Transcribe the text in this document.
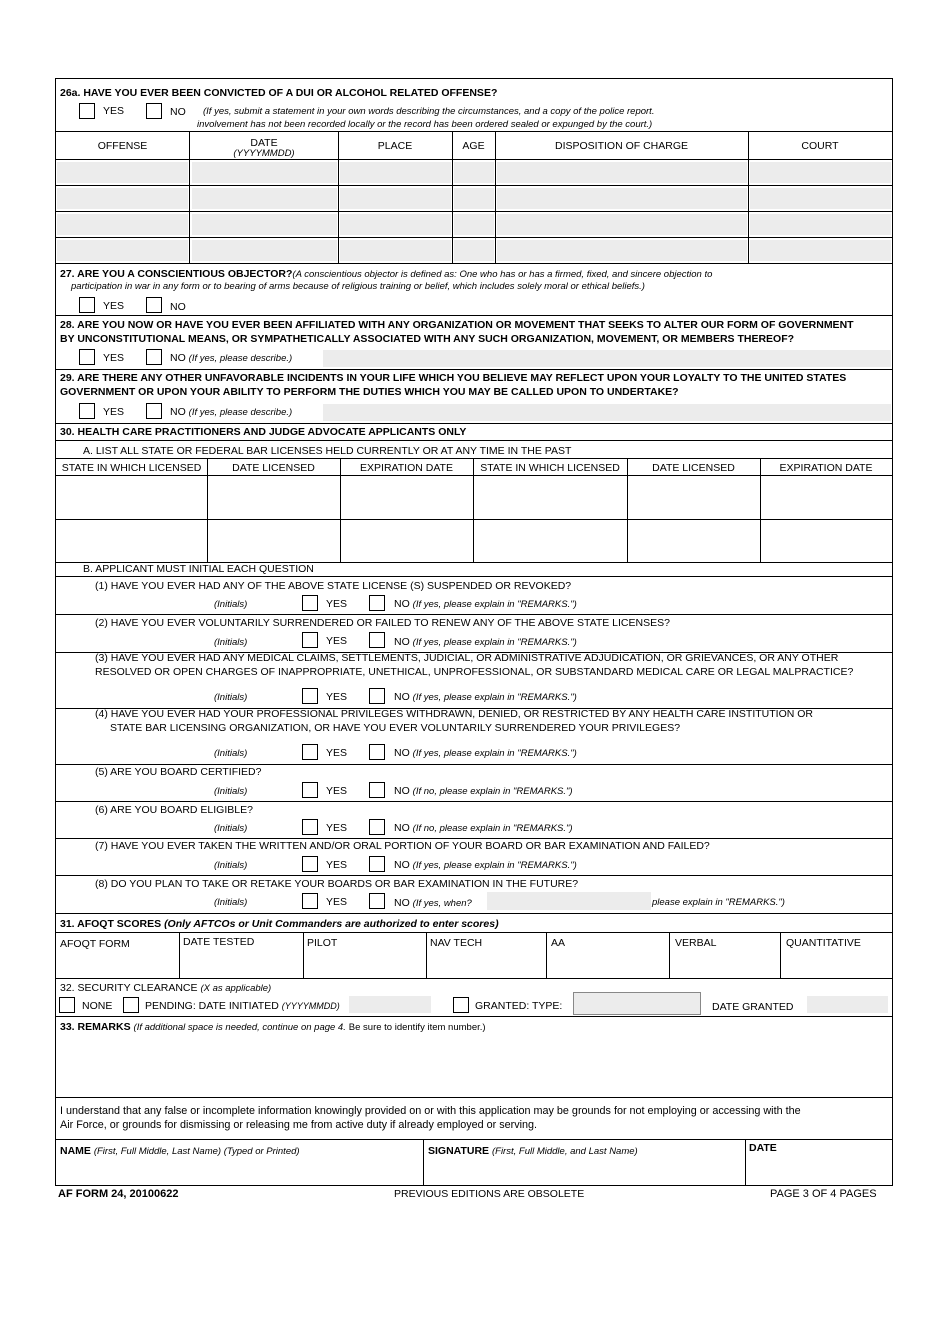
26a. HAVE YOU EVER BEEN CONVICTED OF A DUI OR ALCOHOL RELATED OFFENSE?
YES	NO (If yes, submit a statement in your own words describing the circumstances, and a copy of the police report.
involvement has not been recorded locally or the record has been ordered sealed or expunged by the court.)
OFFENSE	DATE
(YYYYMMDD)
PLACE	AGE	DISPOSITION OF CHARGE	COURT
27. ARE YOU A CONSCIENTIOUS OBJECTOR?(A conscientious objector is defined as: One who has or has a firmed, fixed, and sincere objection to
participation in war in any form or to bearing of arms because of religious training or belief, which includes solely moral or ethical beliefs.)
YES	NO
28. ARE YOU NOW OR HAVE YOU EVER BEEN AFFILIATED WITH ANY ORGANIZATION OR MOVEMENT THAT SEEKS TO ALTER OUR FORM OF GOVERNMENT
BY UNCONSTITUTIONAL MEANS, OR SYMPATHETICALLY ASSOCIATED WITH ANY SUCH ORGANIZATION, MOVEMENT, OR MEMBERS THEREOF?
YES	NO (If yes, please describe.)
29. ARE THERE ANY OTHER UNFAVORABLE INCIDENTS IN YOUR LIFE WHICH YOU BELIEVE MAY REFLECT UPON YOUR LOYALTY TO THE UNITED STATES
GOVERNMENT OR UPON YOUR ABILITY TO PERFORM THE DUTIES WHICH YOU MAY BE CALLED UPON TO UNDERTAKE?
YES	NO (If yes, please describe.)
30. HEALTH CARE PRACTITIONERS AND JUDGE ADVOCATE APPLICANTS ONLY
A. LIST ALL STATE OR FEDERAL BAR LICENSES HELD CURRENTLY OR AT ANY TIME IN THE PAST
STATE IN WHICH LICENSED	DATE LICENSED	EXPIRATION DATE	STATE IN WHICH LICENSED	DATE LICENSED	EXPIRATION DATE
B. APPLICANT MUST INITIAL EACH QUESTION
(1) HAVE YOU EVER HAD ANY OF THE ABOVE STATE LICENSE (S) SUSPENDED OR REVOKED?
(Initials)	YES	NO (If yes, please explain in "REMARKS.")
(2) HAVE YOU EVER VOLUNTARILY SURRENDERED OR FAILED TO RENEW ANY OF THE ABOVE STATE LICENSES?
(Initials)	YES	NO (If yes, please explain in "REMARKS.")
(3) HAVE YOU EVER HAD ANY MEDICAL CLAIMS, SETTLEMENTS, JUDICIAL, OR ADMINISTRATIVE ADJUDICATION, OR GRIEVANCES, OR ANY OTHER
RESOLVED OR OPEN CHARGES OF INAPPROPRIATE, UNETHICAL, UNPROFESSIONAL, OR SUBSTANDARD MEDICAL CARE OR LEGAL MALPRACTICE?
(Initials)	YES	NO (If yes, please explain in "REMARKS.")
(4) HAVE YOU EVER HAD YOUR PROFESSIONAL PRIVILEGES WITHDRAWN, DENIED, OR RESTRICTED BY ANY HEALTH CARE INSTITUTION OR
STATE BAR LICENSING ORGANIZATION, OR HAVE YOU EVER VOLUNTARILY SURRENDERED YOUR PRIVILEGES?
(Initials)	YES	NO (If yes, please explain in "REMARKS.")
(5) ARE YOU BOARD CERTIFIED?
(Initials)	YES	NO (If no, please explain in "REMARKS.")
(6) ARE YOU BOARD ELIGIBLE?
(Initials)	YES	NO (If no, please explain in "REMARKS.")
(7) HAVE YOU EVER TAKEN THE WRITTEN AND/OR ORAL PORTION OF YOUR BOARD OR BAR EXAMINATION AND FAILED?
(Initials)	YES	NO (If yes, please explain in "REMARKS.")
(8) DO YOU PLAN TO TAKE OR RETAKE YOUR BOARDS OR BAR EXAMINATION IN THE FUTURE?
(Initials)	YES	NO (If yes, when?	please explain in "REMARKS.")
31. AFOQT SCORES (Only AFTCOs or Unit Commanders are authorized to enter scores)
AFOQT FORM	DATE TESTED	PILOT	NAV TECH	AA	VERBAL	QUANTITATIVE
32. SECURITY CLEARANCE (X as applicable)
NONE	PENDING: DATE INITIATED (YYYYMMDD)	GRANTED: TYPE:	DATE GRANTED
33. REMARKS (If additional space is needed, continue on page 4. Be sure to identify item number.)
I understand that any false or incomplete information knowingly provided on or with this application may be grounds for not employing or accessing with the
Air Force, or grounds for dismissing or releasing me from active duty if already employed or serving.
NAME (First, Full Middle, Last Name) (Typed or Printed)	SIGNATURE (First, Full Middle, and Last Name)	DATE
AF FORM 24, 20100622	PREVIOUS EDITIONS ARE OBSOLETE	PAGE 3 OF 4 PAGES
